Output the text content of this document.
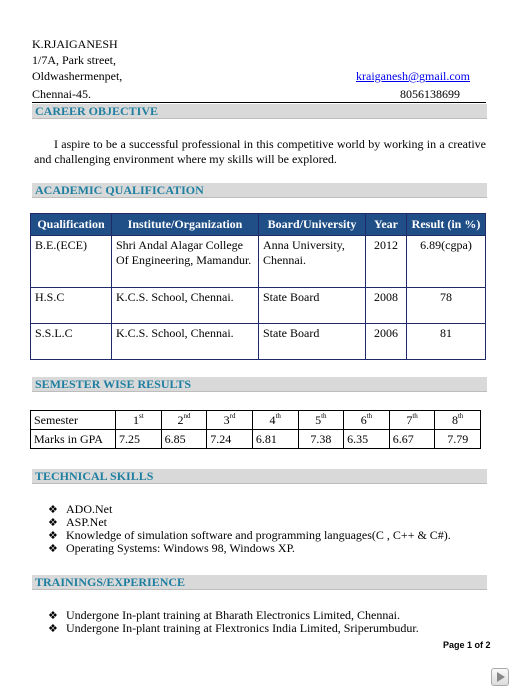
K.RJAIGANESH
1/7A, Park street,
Oldwashermenpet,
Chennai-45.
kraiganesh@gmail.com
8056138699
CAREER OBJECTIVE
I aspire to be a successful professional in this competitive world by working in a creative and challenging environment where my skills will be explored.
ACADEMIC QUALIFICATION
Qualification	Institute/Organization	Board/University	Year	Result (in %)
B.E.(ECE)	Shri Andal Alagar College Of Engineering, Mamandur.	Anna University, Chennai.	2012	6.89(cgpa)
H.S.C	K.C.S. School, Chennai.	State Board	2008	78
S.S.L.C	K.C.S. School, Chennai.	State Board	2006	81
SEMESTER WISE RESULTS
Semester	1st	2nd	3rd	4th	5th	6th	7th	8th
Marks in GPA	7.25	6.85	7.24	6.81	7.38	6.35	6.67	7.79
TECHNICAL SKILLS
❖ ADO.Net
❖ ASP.Net
❖ Knowledge of simulation software and programming languages(C , C++ & C#).
❖ Operating Systems: Windows 98, Windows XP.
TRAININGS/EXPERIENCE
❖ Undergone In-plant training at Bharath Electronics Limited, Chennai.
❖ Undergone In-plant training at Flextronics India Limited, Sriperumbudur.
Page 1 of 2
